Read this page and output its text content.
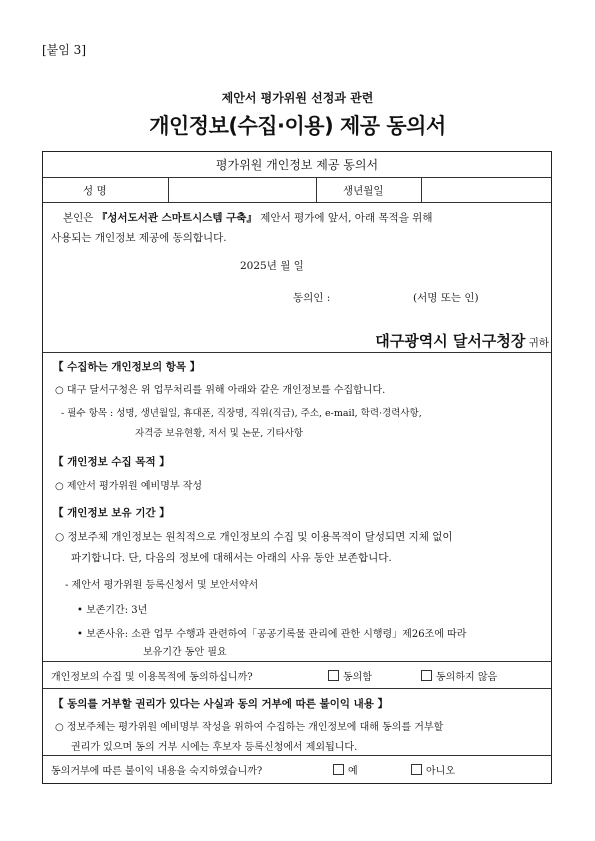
[붙임 3]
제안서 평가위원 선정과 관련
개인정보(수집·이용) 제공 동의서
평가위원 개인정보 제공 동의서
성 명	생년월일
본인은 『성서도서관 스마트시스템 구축』 제안서 평가에 앞서, 아래 목적을 위해
사용되는 개인정보 제공에 동의합니다.
2025년 월 일
동의인 :	(서명 또는 인)
대구광역시 달서구청장 귀하
【 수집하는 개인정보의 항목 】
○ 대구 달서구청은 위 업무처리를 위해 아래와 같은 개인정보를 수집합니다.
- 필수 항목 : 성명, 생년월일, 휴대폰, 직장명, 직위(직급), 주소, e-mail, 학력·경력사항,
자격증 보유현황, 저서 및 논문, 기타사항
【 개인정보 수집 목적 】
○ 제안서 평가위원 예비명부 작성
【 개인정보 보유 기간 】
○ 정보주체 개인정보는 원칙적으로 개인정보의 수집 및 이용목적이 달성되면 지체 없이
파기합니다. 단, 다음의 정보에 대해서는 아래의 사유 동안 보존합니다.
- 제안서 평가위원 등록신청서 및 보안서약서
• 보존기간: 3년
• 보존사유: 소관 업무 수행과 관련하여「공공기록물 관리에 관한 시행령」제26조에 따라
보유기간 동안 필요
개인정보의 수집 및 이용목적에 동의하십니까?	동의함	동의하지 않음
【 동의를 거부할 권리가 있다는 사실과 동의 거부에 따른 불이익 내용 】
○ 정보주체는 평가위원 예비명부 작성을 위하여 수집하는 개인정보에 대해 동의를 거부할
권리가 있으며 동의 거부 시에는 후보자 등록신청에서 제외됩니다.
동의거부에 따른 불이익 내용을 숙지하였습니까?	예	아니오
